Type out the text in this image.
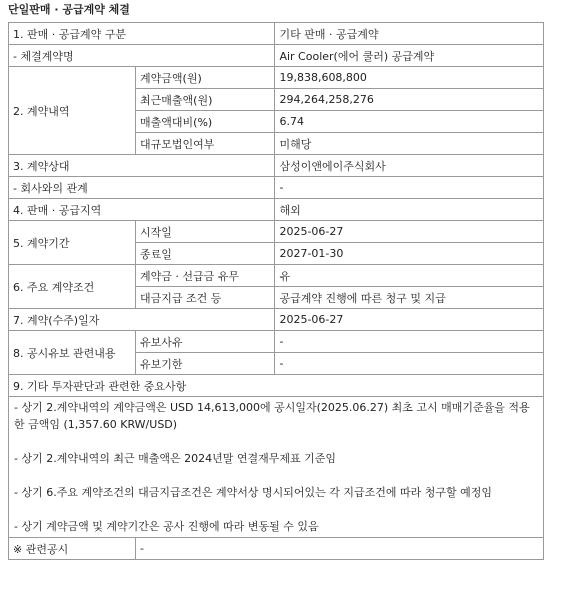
단일판매 · 공급계약 체결
1. 판매 · 공급계약 구분		기타 판매 · 공급계약
- 체결계약명		Air Cooler(에어 쿨러) 공급계약
2. 계약내역	계약금액(원)	19,838,608,800
	최근매출액(원)	294,264,258,276
	매출액대비(%)	6.74
	대규모법인여부	미해당
3. 계약상대		삼성이앤에이주식회사
- 회사와의 관계		-
4. 판매 · 공급지역		해외
5. 계약기간	시작일	2025-06-27
	종료일	2027-01-30
6. 주요 계약조건	계약금 · 선급금 유무	유
	대금지급 조건 등	공급계약 진행에 따른 청구 및 지급
7. 계약(수주)일자		2025-06-27
8. 공시유보 관련내용	유보사유	-
	유보기한	-
9. 기타 투자판단과 관련한 중요사항		

- 상기 2.계약내역의 계약금액은 USD 14,613,000에 공시일자(2025.06.27) 최초 고시 매매기준율을 적용한 금액임 (1,357.60 KRW/USD)

- 상기 2.계약내역의 최근 매출액은 2024년말 연결재무제표 기준임

- 상기 6.주요 계약조건의 대금지급조건은 계약서상 명시되어있는 각 지급조건에 따라 청구할 예정임

- 상기 계약금액 및 계약기간은 공사 진행에 따라 변동될 수 있음		

※ 관련공시	-	
